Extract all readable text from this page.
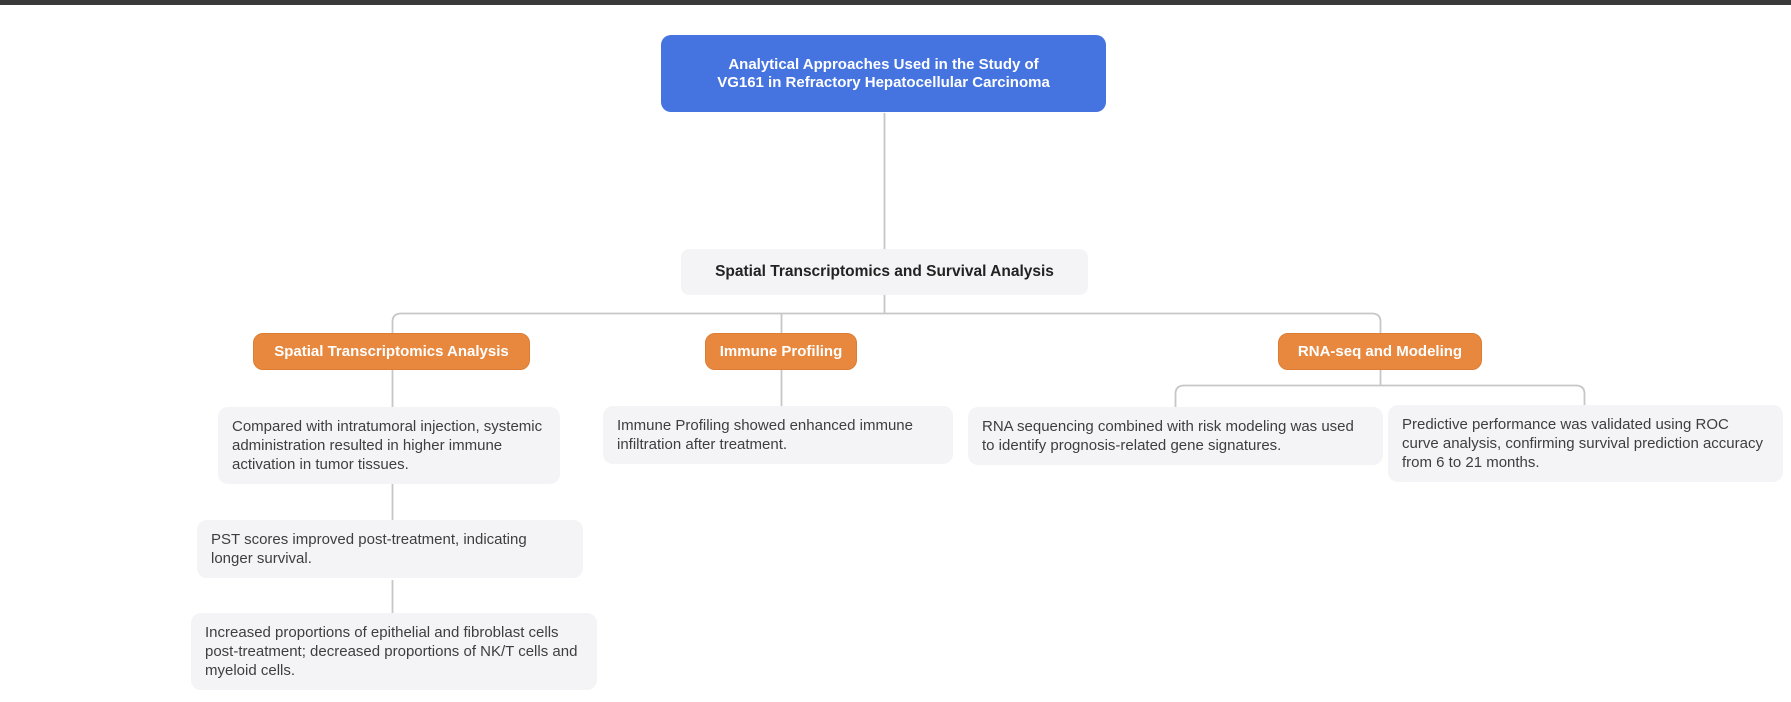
Analytical Approaches Used in the Study of
VG161 in Refractory Hepatocellular Carcinoma
Spatial Transcriptomics and Survival Analysis
Spatial Transcriptomics Analysis	Immune Profiling	RNA-seq and Modeling
Compared with intratumoral injection, systemic administration resulted in higher immune activation in tumor tissues.
PST scores improved post-treatment, indicating longer survival.
Increased proportions of epithelial and fibroblast cells post-treatment; decreased proportions of NK/T cells and myeloid cells.
Immune Profiling showed enhanced immune infiltration after treatment.
RNA sequencing combined with risk modeling was used to identify prognosis-related gene signatures.
Predictive performance was validated using ROC curve analysis, confirming survival prediction accuracy from 6 to 21 months.
